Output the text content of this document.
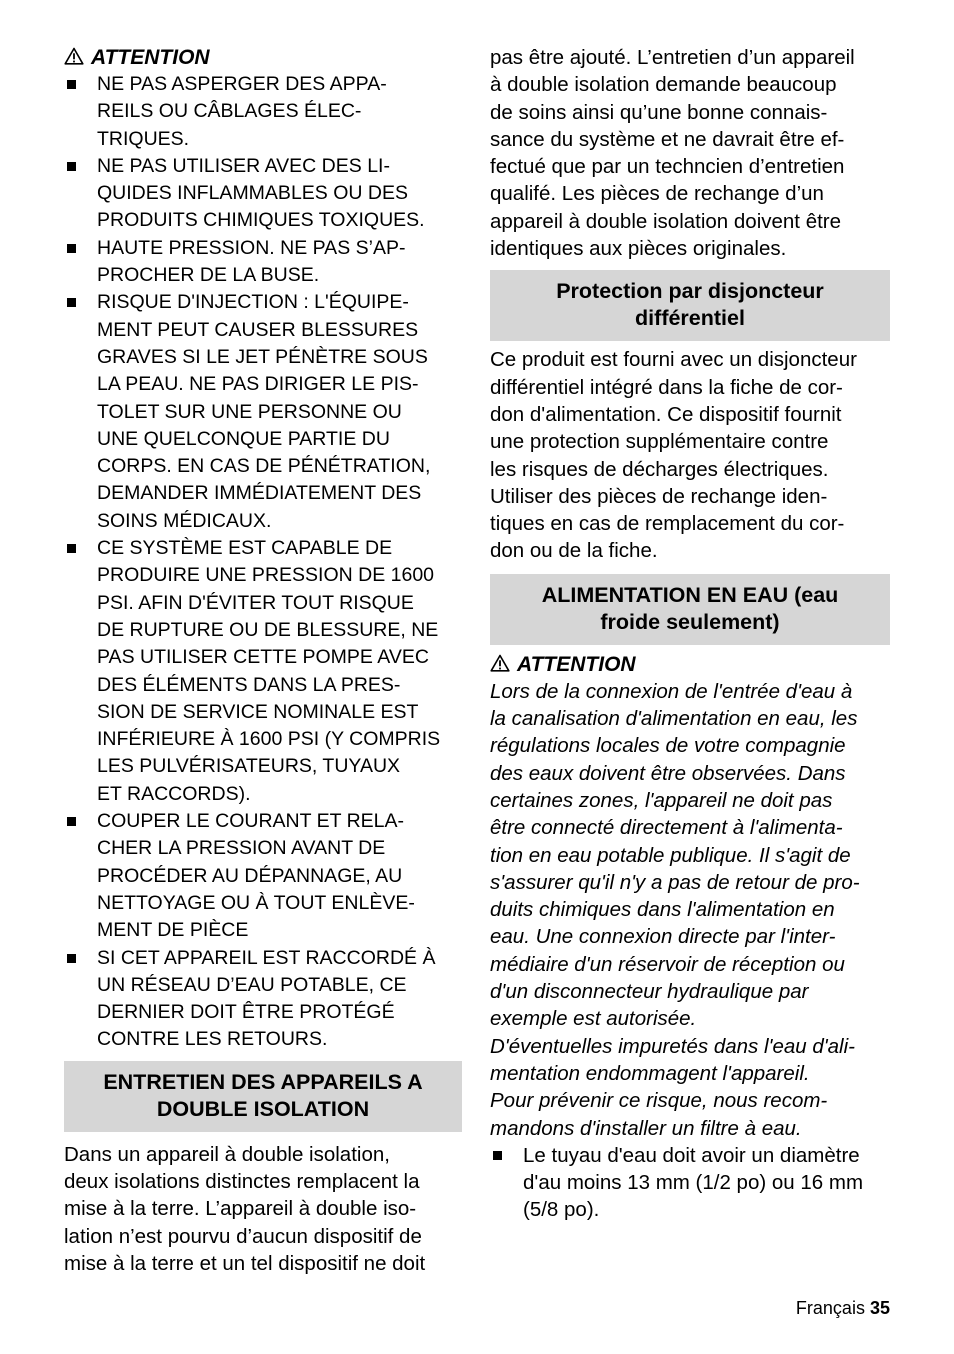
ATTENTION
NE PAS ASPERGER DES APPA-
REILS OU CÂBLAGES ÉLEC-
TRIQUES.
NE PAS UTILISER AVEC DES LI-
QUIDES INFLAMMABLES OU DES
PRODUITS CHIMIQUES TOXIQUES.
HAUTE PRESSION. NE PAS S’AP-
PROCHER DE LA BUSE.
RISQUE D'INJECTION : L'ÉQUIPE-
MENT PEUT CAUSER BLESSURES
GRAVES SI LE JET PÉNÈTRE SOUS
LA PEAU. NE PAS DIRIGER LE PIS-
TOLET SUR UNE PERSONNE OU
UNE QUELCONQUE PARTIE DU
CORPS. EN CAS DE PÉNÉTRATION,
DEMANDER IMMÉDIATEMENT DES
SOINS MÉDICAUX.
CE SYSTÈME EST CAPABLE DE
PRODUIRE UNE PRESSION DE 1600
PSI. AFIN D'ÉVITER TOUT RISQUE
DE RUPTURE OU DE BLESSURE, NE
PAS UTILISER CETTE POMPE AVEC
DES ÉLÉMENTS DANS LA PRES-
SION DE SERVICE NOMINALE EST
INFÉRIEURE À 1600 PSI (Y COMPRIS
LES PULVÉRISATEURS, TUYAUX
ET RACCORDS).
COUPER LE COURANT ET RELA-
CHER LA PRESSION AVANT DE
PROCÉDER AU DÉPANNAGE, AU
NETTOYAGE OU À TOUT ENLÈVE-
MENT DE PIÈCE
SI CET APPAREIL EST RACCORDÉ À
UN RÉSEAU D’EAU POTABLE, CE
DERNIER DOIT ÊTRE PROTÉGÉ
CONTRE LES RETOURS.
ENTRETIEN DES APPAREILS A
DOUBLE ISOLATION
Dans un appareil à double isolation,
deux isolations distinctes remplacent la
mise à la terre. L’appareil à double iso-
lation n’est pourvu d’aucun dispositif de
mise à la terre et un tel dispositif ne doit
pas être ajouté. L’entretien d’un appareil
à double isolation demande beaucoup
de soins ainsi qu’une bonne connais-
sance du système et ne davrait être ef-
fectué que par un techncien d’entretien
qualifé. Les pièces de rechange d’un
appareil à double isolation doivent être
identiques aux pièces originales.
Protection par disjoncteur
différentiel
Ce produit est fourni avec un disjoncteur
différentiel intégré dans la fiche de cor-
don d'alimentation. Ce dispositif fournit
une protection supplémentaire contre
les risques de décharges électriques.
Utiliser des pièces de rechange iden-
tiques en cas de remplacement du cor-
don ou de la fiche.
ALIMENTATION EN EAU (eau
froide seulement)
ATTENTION
Lors de la connexion de l'entrée d'eau à
la canalisation d'alimentation en eau, les
régulations locales de votre compagnie
des eaux doivent être observées. Dans
certaines zones, l'appareil ne doit pas
être connecté directement à l'alimenta-
tion en eau potable publique. Il s'agit de
s'assurer qu'il n'y a pas de retour de pro-
duits chimiques dans l'alimentation en
eau. Une connexion directe par l'inter-
médiaire d'un réservoir de réception ou
d'un disconnecteur hydraulique par
exemple est autorisée.
D'éventuelles impuretés dans l'eau d'ali-
mentation endommagent l'appareil.
Pour prévenir ce risque, nous recom-
mandons d'installer un filtre à eau.
Le tuyau d'eau doit avoir un diamètre
d'au moins 13 mm (1/2 po) ou 16 mm
(5/8 po).
Français 35
